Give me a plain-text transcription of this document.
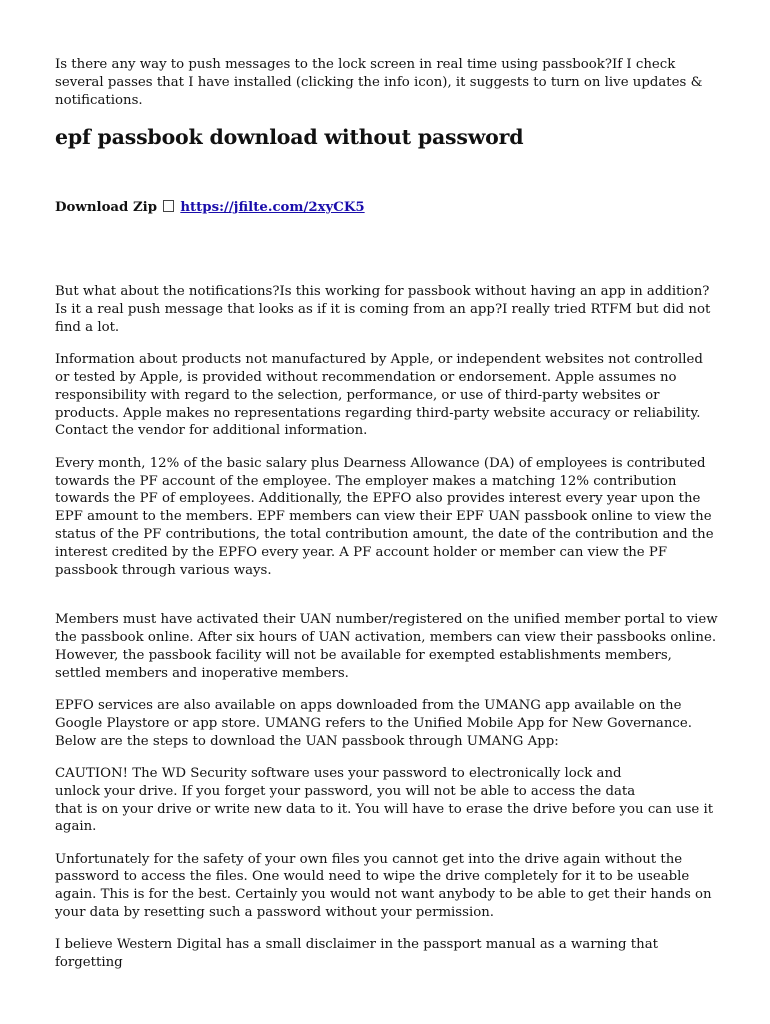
Is there any way to push messages to the lock screen in real time using passbook?If I check several passes that I have installed (clicking the info icon), it suggests to turn on live updates & notifications.

epf passbook download without password
Download Zip https://jfilte.com/2xyCK5

But what about the notifications?Is this working for passbook without having an app in addition?Is it a real push message that looks as if it is coming from an app?I really tried RTFM but did not find a lot.

Information about products not manufactured by Apple, or independent websites not controlled or tested by Apple, is provided without recommendation or endorsement. Apple assumes no responsibility with regard to the selection, performance, or use of third-party websites or products. Apple makes no representations regarding third-party website accuracy or reliability. Contact the vendor for additional information.

Every month, 12% of the basic salary plus Dearness Allowance (DA) of employees is contributed towards the PF account of the employee. The employer makes a matching 12% contribution towards the PF of employees. Additionally, the EPFO also provides interest every year upon the EPF amount to the members. EPF members can view their EPF UAN passbook online to view the status of the PF contributions, the total contribution amount, the date of the contribution and the interest credited by the EPFO every year. A PF account holder or member can view the PF passbook through various ways.

Members must have activated their UAN number/registered on the unified member portal to view the passbook online. After six hours of UAN activation, members can view their passbooks online. However, the passbook facility will not be available for exempted establishments members, settled members and inoperative members.

EPFO services are also available on apps downloaded from the UMANG app available on the Google Playstore or app store. UMANG refers to the Unified Mobile App for New Governance. Below are the steps to download the UAN passbook through UMANG App:

CAUTION! The WD Security software uses your password to electronically lock and
unlock your drive. If you forget your password, you will not be able to access the data
that is on your drive or write new data to it. You will have to erase the drive before you can use it
again.

Unfortunately for the safety of your own files you cannot get into the drive again without the password to access the files. One would need to wipe the drive completely for it to be useable again. This is for the best. Certainly you would not want anybody to be able to get their hands on your data by resetting such a password without your permission.

I believe Western Digital has a small disclaimer in the passport manual as a warning that forgetting
